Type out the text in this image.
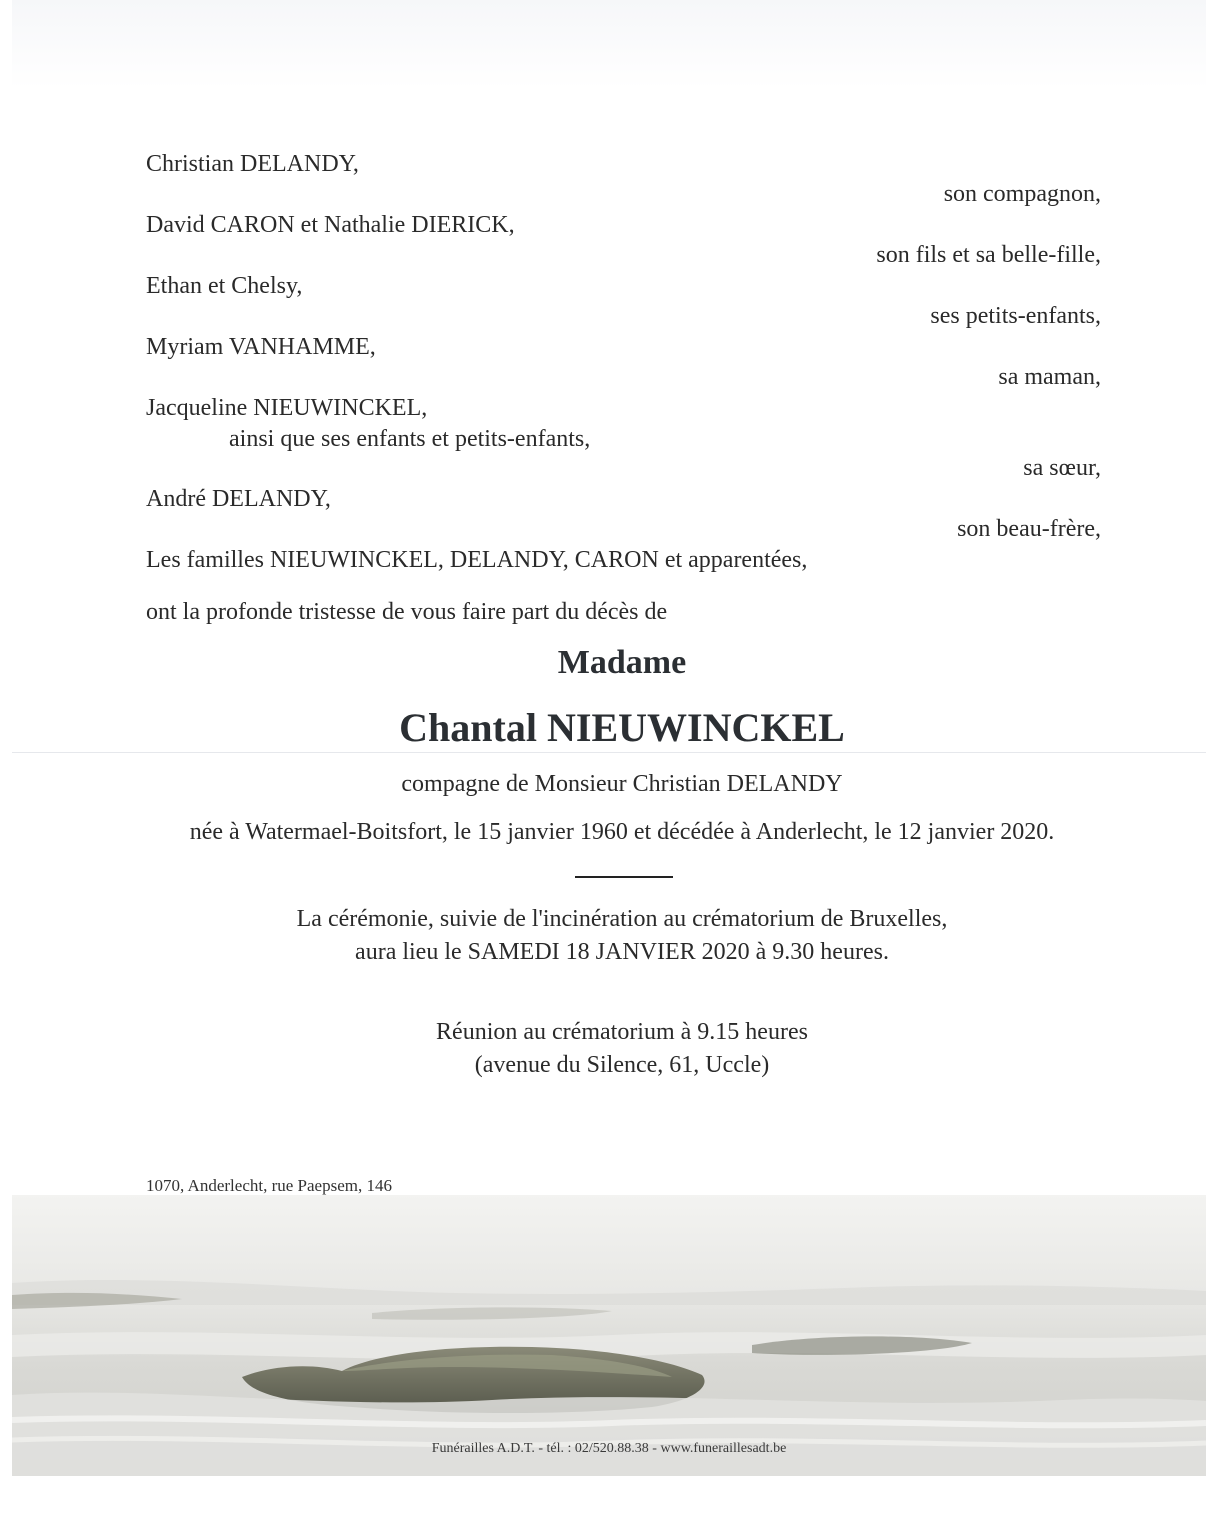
Christian DELANDY,
David CARON et Nathalie DIERICK,
Ethan et Chelsy,
Myriam VANHAMME,
Jacqueline NIEUWINCKEL,
ainsi que ses enfants et petits-enfants,
André DELANDY,
son compagnon,
son fils et sa belle-fille,
ses petits-enfants,
sa maman,
sa sœur,
son beau-frère,
Les familles NIEUWINCKEL, DELANDY, CARON et apparentées,
ont la profonde tristesse de vous faire part du décès de
Madame
Chantal NIEUWINCKEL
compagne de Monsieur Christian DELANDY
née à Watermael-Boitsfort, le 15 janvier 1960 et décédée à Anderlecht, le 12 janvier 2020.
La cérémonie, suivie de l'incinération au crématorium de Bruxelles,
aura lieu le SAMEDI 18 JANVIER 2020 à 9.30 heures.
Réunion au crématorium à 9.15 heures
(avenue du Silence, 61, Uccle)
1070, Anderlecht, rue Paepsem, 146
Funérailles A.D.T. - tél. : 02/520.88.38 - www.funeraillesadt.be
